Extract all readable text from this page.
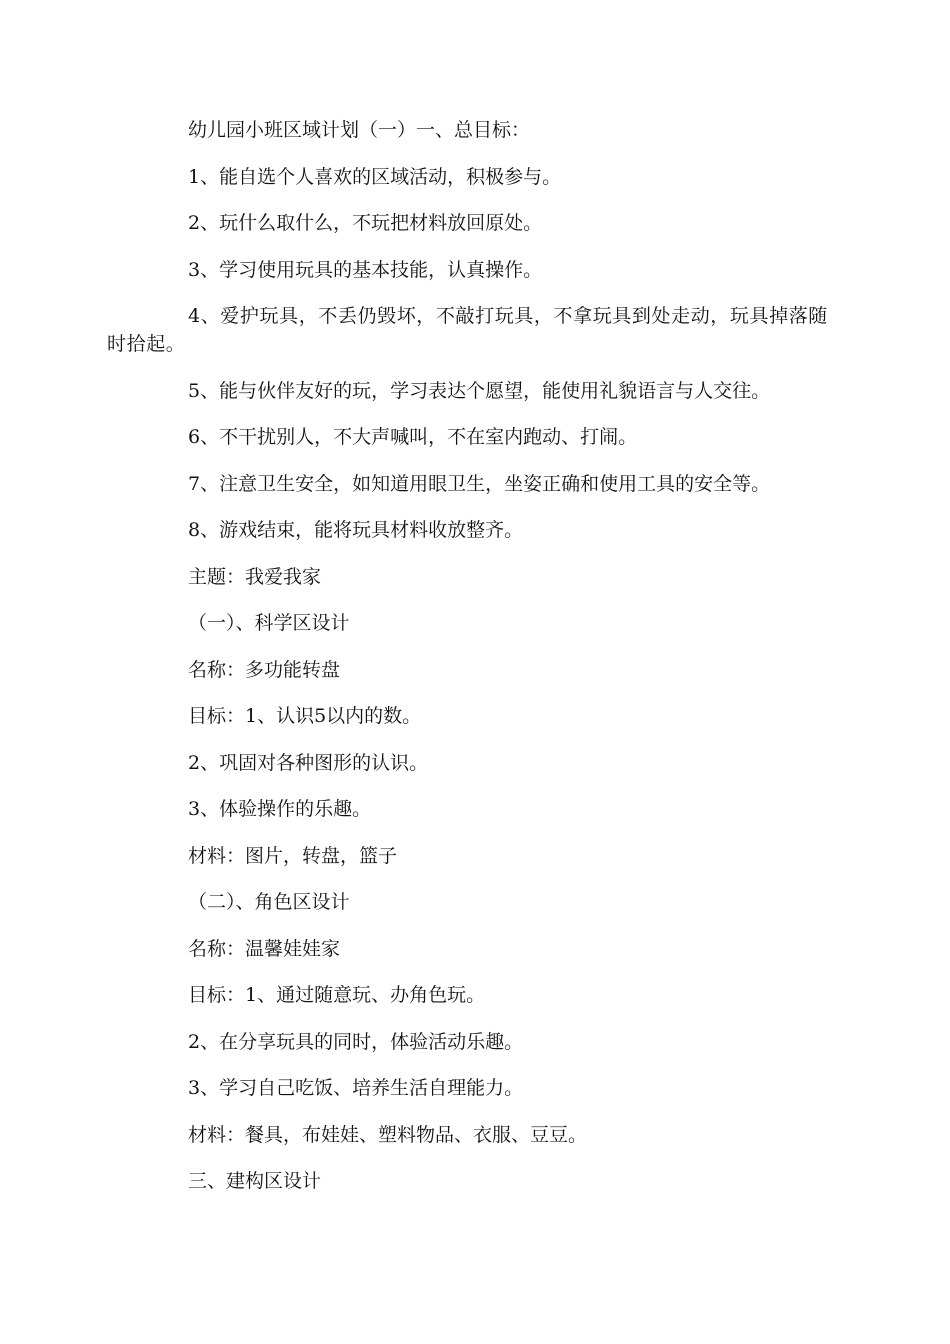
幼儿园小班区域计划（一）一、总目标：

1、能自选个人喜欢的区域活动，积极参与。

2、玩什么取什么，不玩把材料放回原处。

3、学习使用玩具的基本技能，认真操作。

4、爱护玩具，不丢仍毁坏，不敲打玩具，不拿玩具到处走动，玩具掉落随时拾起。

5、能与伙伴友好的玩，学习表达个愿望，能使用礼貌语言与人交往。

6、不干扰别人，不大声喊叫，不在室内跑动、打闹。

7、注意卫生安全，如知道用眼卫生，坐姿正确和使用工具的安全等。

8、游戏结束，能将玩具材料收放整齐。

主题：我爱我家

（一）、科学区设计

名称：多功能转盘

目标：1、认识5以内的数。

2、巩固对各种图形的认识。

3、体验操作的乐趣。

材料：图片，转盘，篮子

（二）、角色区设计

名称：温馨娃娃家

目标：1、通过随意玩、办角色玩。

2、在分享玩具的同时，体验活动乐趣。

3、学习自己吃饭、培养生活自理能力。

材料：餐具，布娃娃、塑料物品、衣服、豆豆。

三、建构区设计
